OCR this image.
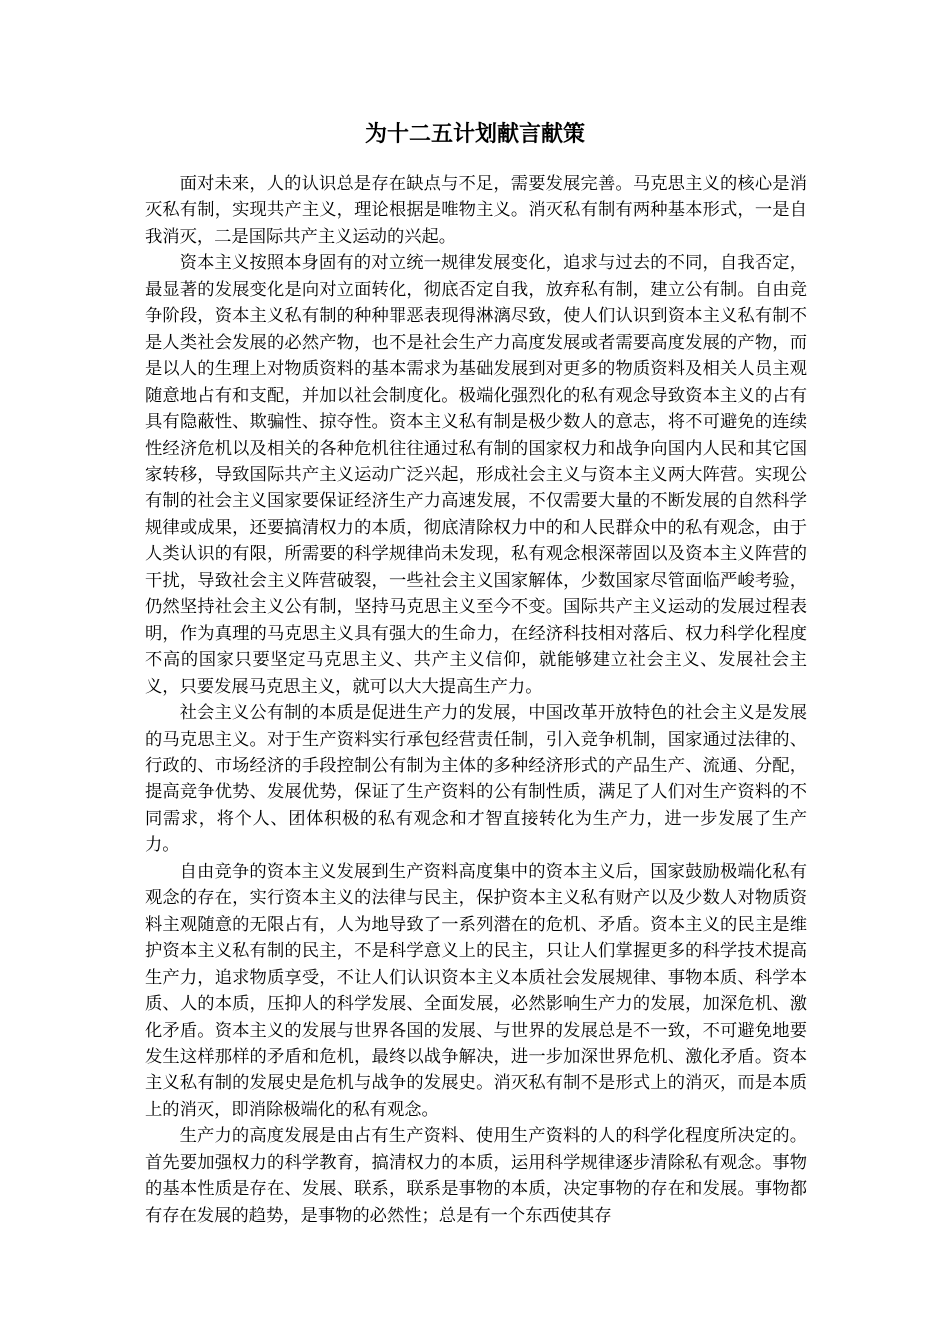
为十二五计划献言献策

面对未来，人的认识总是存在缺点与不足，需要发展完善。马克思主义的核心是消灭私有制，实现共产主义，理论根据是唯物主义。消灭私有制有两种基本形式，一是自我消灭，二是国际共产主义运动的兴起。

资本主义按照本身固有的对立统一规律发展变化，追求与过去的不同，自我否定，最显著的发展变化是向对立面转化，彻底否定自我，放弃私有制，建立公有制。自由竞争阶段，资本主义私有制的种种罪恶表现得淋漓尽致，使人们认识到资本主义私有制不是人类社会发展的必然产物，也不是社会生产力高度发展或者需要高度发展的产物，而是以人的生理上对物质资料的基本需求为基础发展到对更多的物质资料及相关人员主观随意地占有和支配，并加以社会制度化。极端化强烈化的私有观念导致资本主义的占有具有隐蔽性、欺骗性、掠夺性。资本主义私有制是极少数人的意志，将不可避免的连续性经济危机以及相关的各种危机往往通过私有制的国家权力和战争向国内人民和其它国家转移，导致国际共产主义运动广泛兴起，形成社会主义与资本主义两大阵营。实现公有制的社会主义国家要保证经济生产力高速发展，不仅需要大量的不断发展的自然科学规律或成果，还要搞清权力的本质，彻底清除权力中的和人民群众中的私有观念，由于人类认识的有限，所需要的科学规律尚未发现，私有观念根深蒂固以及资本主义阵营的干扰，导致社会主义阵营破裂，一些社会主义国家解体，少数国家尽管面临严峻考验，仍然坚持社会主义公有制，坚持马克思主义至今不变。国际共产主义运动的发展过程表明，作为真理的马克思主义具有强大的生命力，在经济科技相对落后、权力科学化程度不高的国家只要坚定马克思主义、共产主义信仰，就能够建立社会主义、发展社会主义，只要发展马克思主义，就可以大大提高生产力。

社会主义公有制的本质是促进生产力的发展，中国改革开放特色的社会主义是发展的马克思主义。对于生产资料实行承包经营责任制，引入竞争机制，国家通过法律的、行政的、市场经济的手段控制公有制为主体的多种经济形式的产品生产、流通、分配，提高竞争优势、发展优势，保证了生产资料的公有制性质，满足了人们对生产资料的不同需求，将个人、团体积极的私有观念和才智直接转化为生产力，进一步发展了生产力。

自由竞争的资本主义发展到生产资料高度集中的资本主义后，国家鼓励极端化私有观念的存在，实行资本主义的法律与民主，保护资本主义私有财产以及少数人对物质资料主观随意的无限占有，人为地导致了一系列潜在的危机、矛盾。资本主义的民主是维护资本主义私有制的民主，不是科学意义上的民主，只让人们掌握更多的科学技术提高生产力，追求物质享受，不让人们认识资本主义本质社会发展规律、事物本质、科学本质、人的本质，压抑人的科学发展、全面发展，必然影响生产力的发展，加深危机、激化矛盾。资本主义的发展与世界各国的发展、与世界的发展总是不一致，不可避免地要发生这样那样的矛盾和危机，最终以战争解决，进一步加深世界危机、激化矛盾。资本主义私有制的发展史是危机与战争的发展史。消灭私有制不是形式上的消灭，而是本质上的消灭，即消除极端化的私有观念。

生产力的高度发展是由占有生产资料、使用生产资料的人的科学化程度所决定的。首先要加强权力的科学教育，搞清权力的本质，运用科学规律逐步清除私有观念。事物的基本性质是存在、发展、联系，联系是事物的本质，决定事物的存在和发展。事物都有存在发展的趋势，是事物的必然性；总是有一个东西使其存
